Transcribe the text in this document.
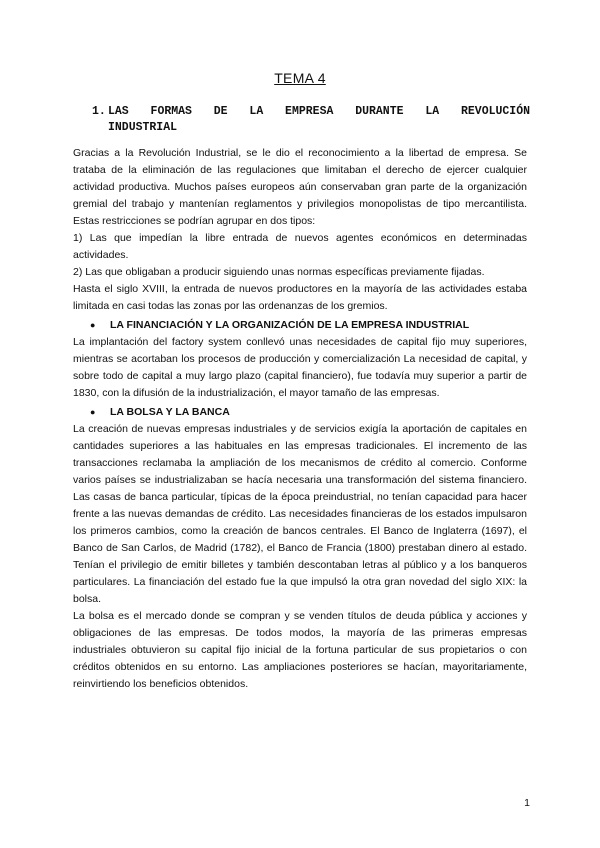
TEMA 4
1. LAS FORMAS DE LA EMPRESA DURANTE LA REVOLUCIÓN
INDUSTRIAL

Gracias a la Revolución Industrial, se le dio el reconocimiento a la libertad de empresa. Se trataba de la eliminación de las regulaciones que limitaban el derecho de ejercer cualquier actividad productiva. Muchos países europeos aún conservaban gran parte de la organización gremial del trabajo y mantenían reglamentos y privilegios monopolistas de tipo mercantilista. Estas restricciones se podrían agrupar en dos tipos:

1) Las que impedían la libre entrada de nuevos agentes económicos en determinadas actividades.

2) Las que obligaban a producir siguiendo unas normas específicas previamente fijadas.

Hasta el siglo XVIII, la entrada de nuevos productores en la mayoría de las actividades estaba limitada en casi todas las zonas por las ordenanzas de los gremios.

●	LA FINANCIACIÓN Y LA ORGANIZACIÓN DE LA EMPRESA INDUSTRIAL

La implantación del factory system conllevó unas necesidades de capital fijo muy superiores, mientras se acortaban los procesos de producción y comercialización La necesidad de capital, y sobre todo de capital a muy largo plazo (capital financiero), fue todavía muy superior a partir de 1830, con la difusión de la industrialización, el mayor tamaño de las empresas.

●	LA BOLSA Y LA BANCA

La creación de nuevas empresas industriales y de servicios exigía la aportación de capitales en cantidades superiores a las habituales en las empresas tradicionales. El incremento de las transacciones reclamaba la ampliación de los mecanismos de crédito al comercio. Conforme varios países se industrializaban se hacía necesaria una transformación del sistema financiero. Las casas de banca particular, típicas de la época preindustrial, no tenían capacidad para hacer frente a las nuevas demandas de crédito. Las necesidades financieras de los estados impulsaron los primeros cambios, como la creación de bancos centrales. El Banco de Inglaterra (1697), el Banco de San Carlos, de Madrid (1782), el Banco de Francia (1800) prestaban dinero al estado. Tenían el privilegio de emitir billetes y también descontaban letras al público y a los banqueros particulares. La financiación del estado fue la que impulsó la otra gran novedad del siglo XIX: la bolsa.

La bolsa es el mercado donde se compran y se venden títulos de deuda pública y acciones y obligaciones de las empresas. De todos modos, la mayoría de las primeras empresas industriales obtuvieron su capital fijo inicial de la fortuna particular de sus propietarios o con créditos obtenidos en su entorno. Las ampliaciones posteriores se hacían, mayoritariamente, reinvirtiendo los beneficios obtenidos.

1
